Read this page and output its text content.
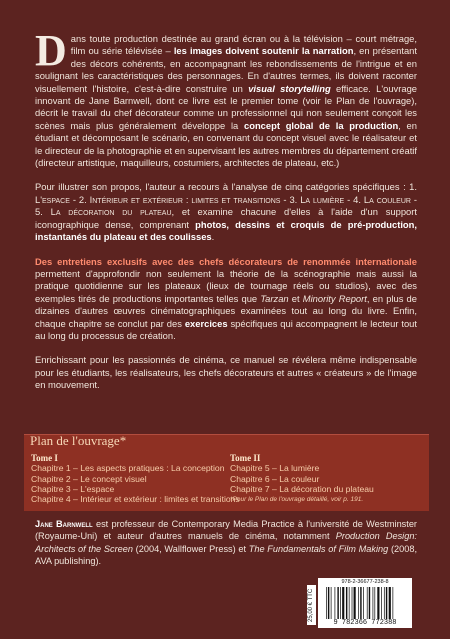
Dans toute production destinée au grand écran ou à la télévision – court métrage, film ou série télévisée – les images doivent soutenir la narration, en présentant des décors cohérents, en accompagnant les rebondissements de l'intrigue et en soulignant les caractéristiques des personnages. En d'autres termes, ils doivent raconter visuellement l'histoire, c'est-à-dire construire un visual storytelling efficace. L'ouvrage innovant de Jane Barnwell, dont ce livre est le premier tome (voir le Plan de l'ouvrage), décrit le travail du chef décorateur comme un professionnel qui non seulement conçoit les scènes mais plus généralement développe la concept global de la production, en étudiant et décomposant le scénario, en convenant du concept visuel avec le réalisateur et le directeur de la photographie et en supervisant les autres membres du département créatif (directeur artistique, maquilleurs, costumiers, architectes de plateau, etc.)

Pour illustrer son propos, l'auteur a recours à l'analyse de cinq catégories spécifiques : 1. L'espace - 2. Intérieur et extérieur : limites et transitions - 3. La lumière - 4. La couleur - 5. La décoration du plateau, et examine chacune d'elles à l'aide d'un support iconographique dense, comprenant photos, dessins et croquis de pré-production, instantanés du plateau et des coulisses.

Des entretiens exclusifs avec des chefs décorateurs de renommée internationale permettent d'approfondir non seulement la théorie de la scénographie mais aussi la pratique quotidienne sur les plateaux (lieux de tournage réels ou studios), avec des exemples tirés de productions importantes telles que Tarzan et Minority Report, en plus de dizaines d'autres œuvres cinématographiques examinées tout au long du livre. Enfin, chaque chapitre se conclut par des exercices spécifiques qui accompagnent le lecteur tout au long du processus de création.

Enrichissant pour les passionnés de cinéma, ce manuel se révélera même indispensable pour les étudiants, les réalisateurs, les chefs décorateurs et autres « créateurs » de l'image en mouvement.

Plan de l'ouvrage*
Tome I
Chapitre 1 – Les aspects pratiques : La conception
Chapitre 2 – Le concept visuel
Chapitre 3 – L'espace
Chapitre 4 – Intérieur et extérieur : limites et transitions
Tome II
Chapitre 5 – La lumière
Chapitre 6 – La couleur
Chapitre 7 – La décoration du plateau
*Pour le Plan de l'ouvrage détaillé, voir p. 191.
Jane Barnwell est professeur de Contemporary Media Practice à l'université de Westminster (Royaume-Uni) et auteur d'autres manuels de cinéma, notamment Production Design: Architects of the Screen (2004, Wallflower Press) et The Fundamentals of Film Making (2008, AVA publishing).
25,00 € TTC
978-2-36677-238-8
9 782366 772388
